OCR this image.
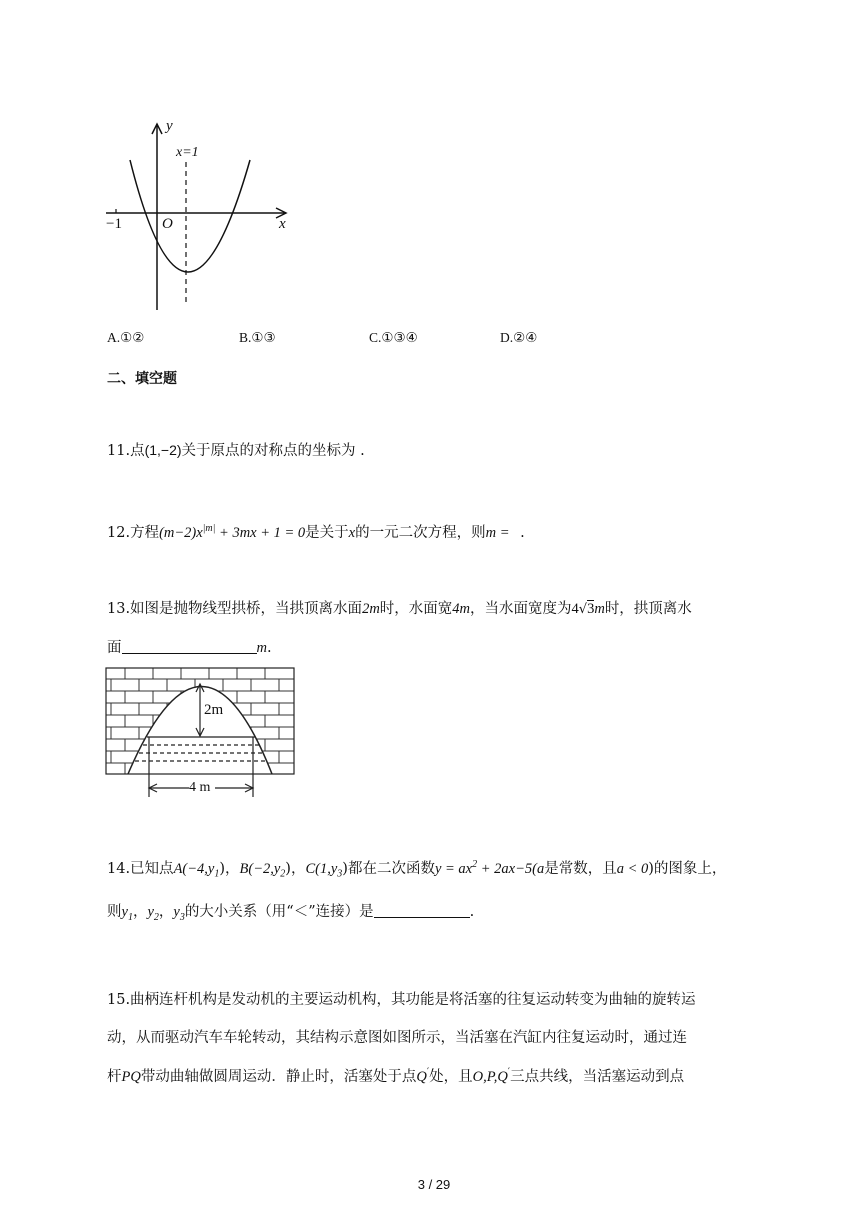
y
x
O
−1
x=1
A.①②	B.①③	C.①③④	D.②④
二、填空题
11.点(1,−2)关于原点的对称点的坐标为 .
12.方程$(m-2)x^{|m|} + 3mx + 1 = 0$是关于x的一元二次方程，则m = .
13.如图是抛物线型拱桥，当拱顶离水面2m时，水面宽4m，当水面宽度为4√3m时，拱顶离水
面	m.
2m
4 m
14.已知点$A(-4,y_1)$，$B(-2,y_2)$，$C(1,y_3)$都在二次函数$y = ax^2 + 2ax-5(a$是常数，且a < 0)的图象上，
则$y_1$，$y_2$，$y_3$的大小关系（用“＜”连接）是	.
15.曲柄连杆机构是发动机的主要运动机构，其功能是将活塞的往复运动转变为曲轴的旋转运
动，从而驱动汽车车轮转动，其结构示意图如图所示，当活塞在汽缸内往复运动时，通过连
杆PQ带动曲轴做圆周运动．静止时，活塞处于点Q′处，且O,P,Q′三点共线，当活塞运动到点
3 / 29
